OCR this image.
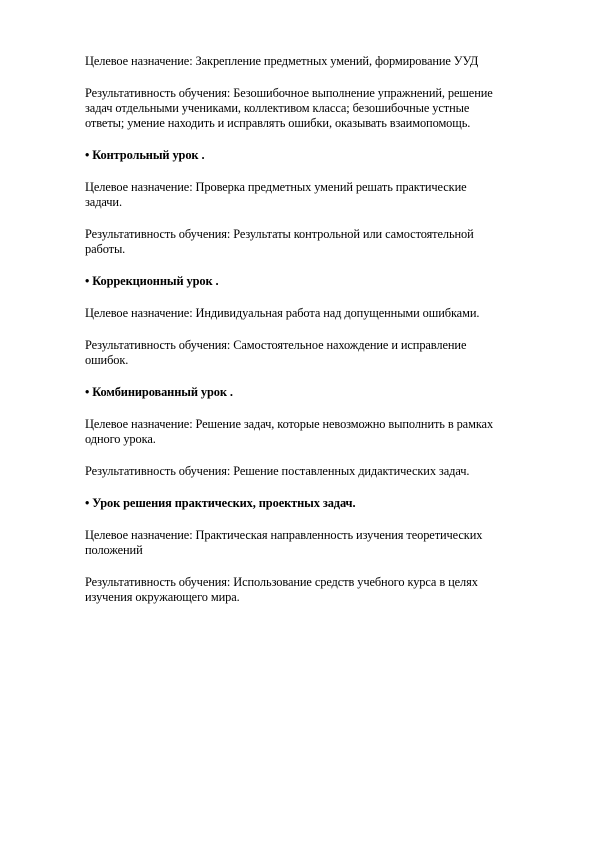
Целевое назначение: Закрепление предметных умений, формирование УУД

Результативность обучения: Безошибочное выполнение упражнений, решение
задач отдельными учениками, коллективом класса; безошибочные устные
ответы; умение находить и исправлять ошибки, оказывать взаимопомощь.

• Контрольный урок .

Целевое назначение: Проверка предметных умений решать практические
задачи.

Результативность обучения: Результаты контрольной или самостоятельной
работы.

• Коррекционный урок .

Целевое назначение: Индивидуальная работа над допущенными ошибками.

Результативность обучения: Самостоятельное нахождение и исправление
ошибок.

• Комбинированный урок .

Целевое назначение: Решение задач, которые невозможно выполнить в рамках
одного урока.

Результативность обучения: Решение поставленных дидактических задач.

• Урок решения практических, проектных задач.

Целевое назначение: Практическая направленность изучения теоретических
положений

Результативность обучения: Использование средств учебного курса в целях
изучения окружающего мира.
